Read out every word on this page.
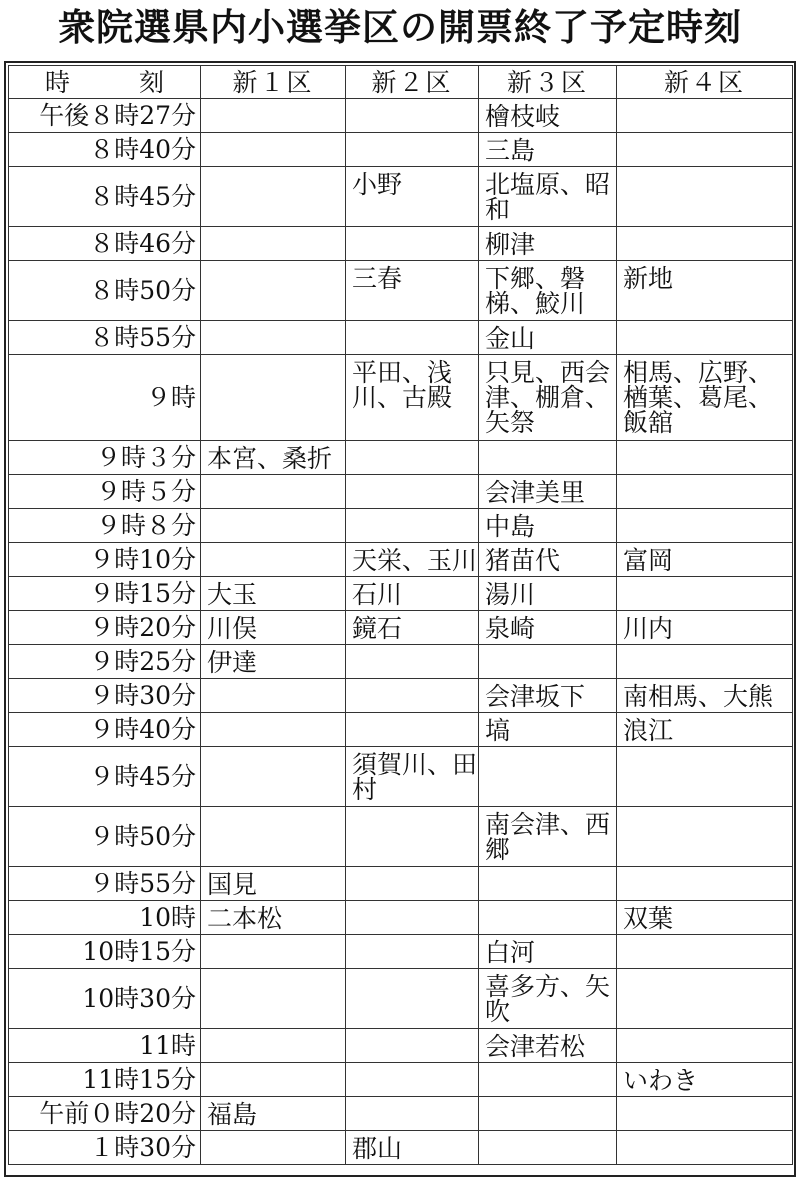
衆院選県内小選挙区の開票終了予定時刻
時　刻	新１区	新２区	新３区	新４区
午後８時27分			檜枝岐	
８時40分			三島	
８時45分		小野	北塩原、昭和	
８時46分			柳津	
８時50分		三春	下郷、磐梯、鮫川	新地
８時55分			金山	
９時		平田、浅川、古殿	只見、西会津、棚倉、矢祭	相馬、広野、楢葉、葛尾、飯舘
９時３分	本宮、桑折			
９時５分			会津美里	
９時８分			中島	
９時10分		天栄、玉川	猪苗代	富岡
９時15分	大玉	石川	湯川	
９時20分	川俣	鏡石	泉崎	川内
９時25分	伊達			
９時30分			会津坂下	南相馬、大熊
９時40分			塙	浪江
９時45分		須賀川、田村		
９時50分			南会津、西郷	
９時55分	国見			
10時	二本松			双葉
10時15分			白河	
10時30分			喜多方、矢吹	
11時			会津若松	
11時15分				いわき
午前０時20分	福島			
１時30分		郡山		
